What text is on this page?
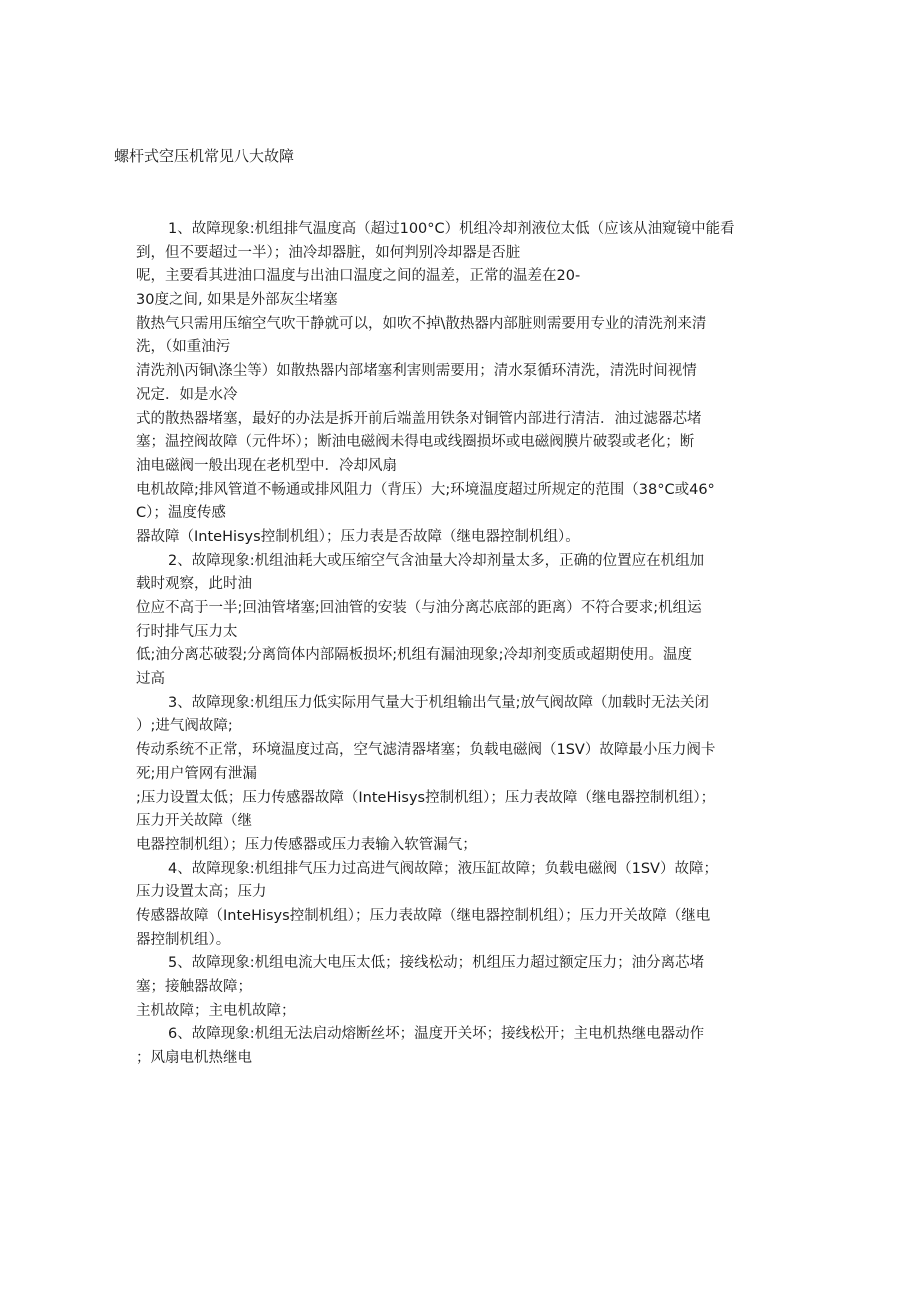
螺杆式空压机常见八大故障
1、故障现象:机组排气温度高（超过100°C）机组冷却剂液位太低（应该从油窥镜中能看
到，但不要超过一半）；油冷却器脏，如何判别冷却器是否脏
呢，主要看其进油口温度与出油口温度之间的温差，正常的温差在20-
30度之间, 如果是外部灰尘堵塞
散热气只需用压缩空气吹干静就可以，如吹不掉\散热器内部脏则需要用专业的清洗剂来清
洗，（如重油污
清洗剂\丙铜\涤尘等）如散热器内部堵塞利害则需要用；清水泵循环清洗，清洗时间视情
况定．如是水冷
式的散热器堵塞，最好的办法是拆开前后端盖用铁条对铜管内部进行清洁．油过滤器芯堵
塞；温控阀故障（元件坏）；断油电磁阀未得电或线圈损坏或电磁阀膜片破裂或老化；断
油电磁阀一般出现在老机型中．冷却风扇
电机故障;排风管道不畅通或排风阻力（背压）大;环境温度超过所规定的范围（38°C或46°
C）；温度传感
器故障（InteHisys控制机组）；压力表是否故障（继电器控制机组）。
2、故障现象:机组油耗大或压缩空气含油量大冷却剂量太多，正确的位置应在机组加
载时观察，此时油
位应不高于一半;回油管堵塞;回油管的安装（与油分离芯底部的距离）不符合要求;机组运
行时排气压力太
低;油分离芯破裂;分离筒体内部隔板损坏;机组有漏油现象;冷却剂变质或超期使用。温度
过高
3、故障现象:机组压力低实际用气量大于机组输出气量;放气阀故障（加载时无法关闭
）;进气阀故障;
传动系统不正常，环境温度过高，空气滤清器堵塞；负载电磁阀（1SV）故障最小压力阀卡
死;用户管网有泄漏
;压力设置太低；压力传感器故障（InteHisys控制机组）；压力表故障（继电器控制机组）；
压力开关故障（继
电器控制机组）；压力传感器或压力表输入软管漏气；
4、故障现象:机组排气压力过高进气阀故障；液压缸故障；负载电磁阀（1SV）故障；
压力设置太高；压力
传感器故障（InteHisys控制机组）；压力表故障（继电器控制机组）；压力开关故障（继电
器控制机组）。
5、故障现象:机组电流大电压太低；接线松动；机组压力超过额定压力；油分离芯堵
塞；接触器故障；
主机故障；主电机故障；
6、故障现象:机组无法启动熔断丝坏；温度开关坏；接线松开；主电机热继电器动作
；风扇电机热继电
